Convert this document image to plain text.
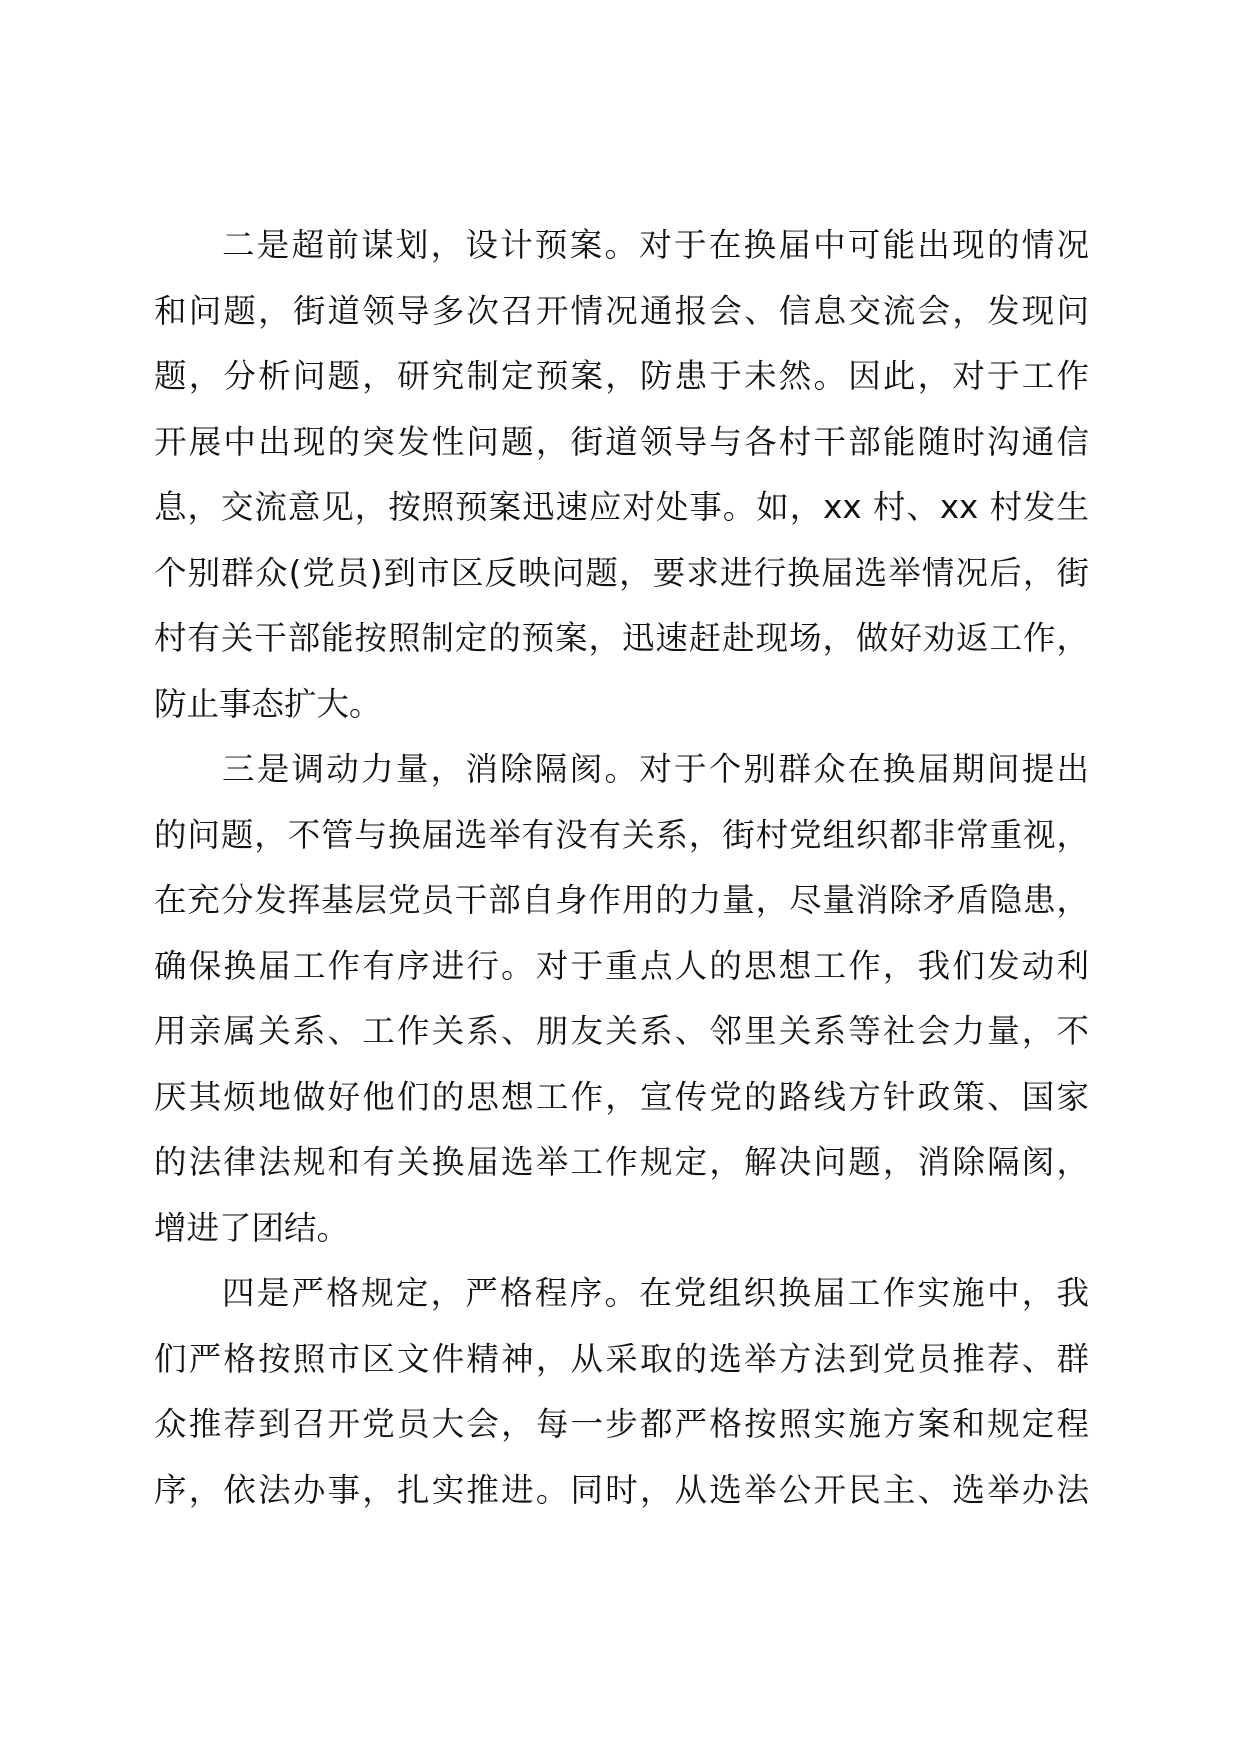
二是超前谋划，设计预案。对于在换届中可能出现的情况
和问题，街道领导多次召开情况通报会、信息交流会，发现问
题，分析问题，研究制定预案，防患于未然。因此，对于工作
开展中出现的突发性问题，街道领导与各村干部能随时沟通信
息，交流意见，按照预案迅速应对处事。如，xx 村、xx 村发生
个别群众(党员)到市区反映问题，要求进行换届选举情况后，街
村有关干部能按照制定的预案，迅速赶赴现场，做好劝返工作，
防止事态扩大。

三是调动力量，消除隔阂。对于个别群众在换届期间提出
的问题，不管与换届选举有没有关系，街村党组织都非常重视，
在充分发挥基层党员干部自身作用的力量，尽量消除矛盾隐患，
确保换届工作有序进行。对于重点人的思想工作，我们发动利
用亲属关系、工作关系、朋友关系、邻里关系等社会力量，不
厌其烦地做好他们的思想工作，宣传党的路线方针政策、国家
的法律法规和有关换届选举工作规定，解决问题，消除隔阂，
增进了团结。

四是严格规定，严格程序。在党组织换届工作实施中，我
们严格按照市区文件精神，从采取的选举方法到党员推荐、群
众推荐到召开党员大会，每一步都严格按照实施方案和规定程
序，依法办事，扎实推进。同时，从选举公开民主、选举办法
